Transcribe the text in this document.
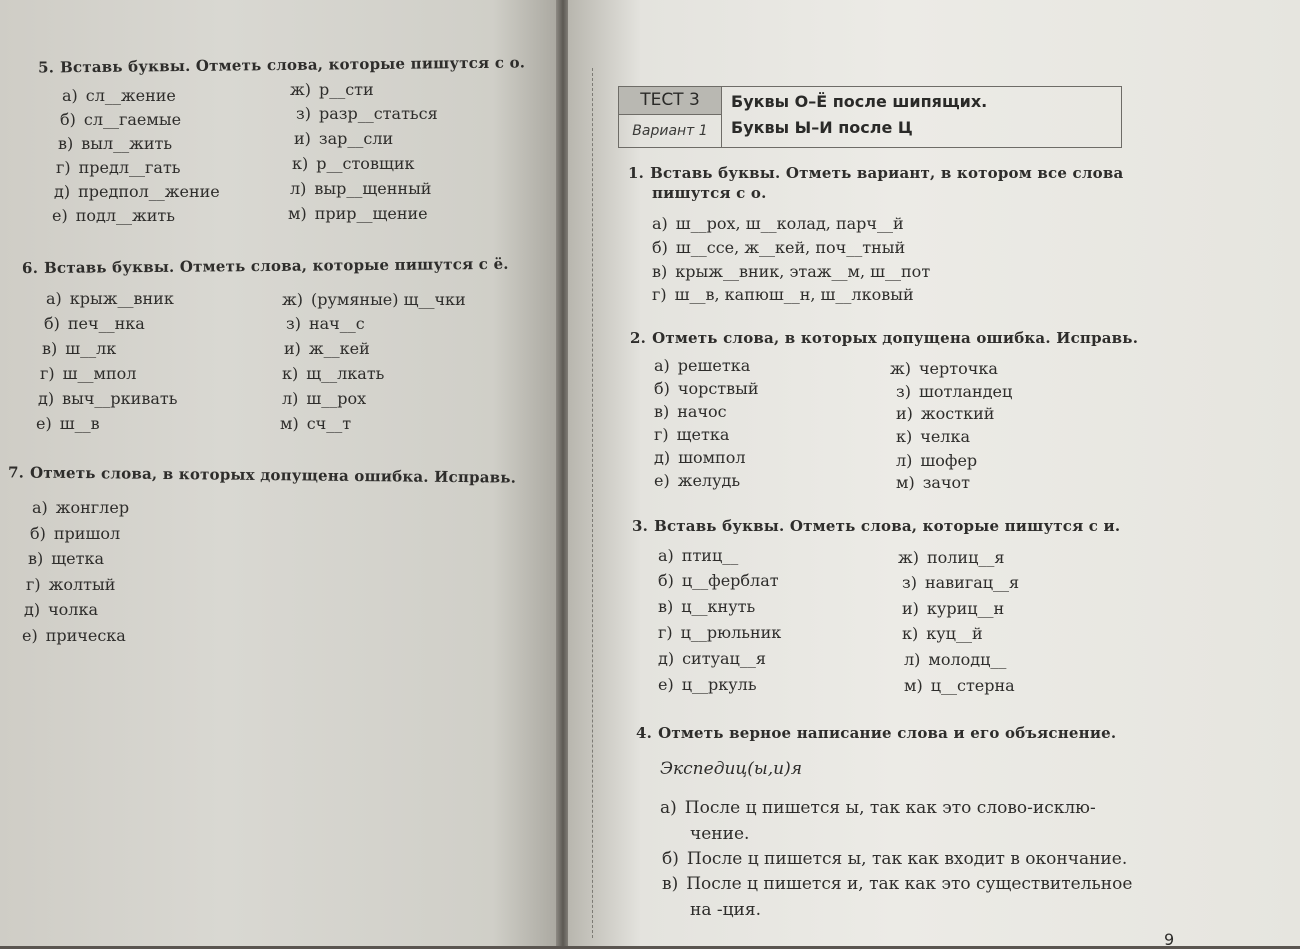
5. Вставь буквы. Отметь слова, которые пишутся с о.
а) сл__жение
б) сл__гаемые
в) выл__жить
г) предл__гать
д) предпол__жение
е) подл__жить
ж) р__сти
з) разр__статься
и) зар__сли
к) р__стовщик
л) выр__щенный
м) прир__щение
6. Вставь буквы. Отметь слова, которые пишутся с ё.
а) крыж__вник
б) печ__нка
в) ш__лк
г) ш__мпол
д) выч__ркивать
е) ш__в
ж) (румяные) щ__чки
з) нач__с
и) ж__кей
к) щ__лкать
л) ш__рох
м) сч__т
7. Отметь слова, в которых допущена ошибка. Исправь.
а) жонглер
б) пришол
в) щетка
г) жолтый
д) чолка
е) прическа
ТЕСТ 3
Вариант 1
Буквы О–Ё после шипящих.
Буквы Ы–И после Ц
1. Вставь буквы. Отметь вариант, в котором все слова
пишутся с о.
а) ш__рох, ш__колад, парч__й
б) ш__ссе, ж__кей, поч__тный
в) крыж__вник, этаж__м, ш__пот
г) ш__в, капюш__н, ш__лковый
2. Отметь слова, в которых допущена ошибка. Исправь.
а) решетка
б) чорствый
в) начос
г) щетка
д) шомпол
е) желудь
ж) черточка
з) шотландец
и) жосткий
к) челка
л) шофер
м) зачот
3. Вставь буквы. Отметь слова, которые пишутся с и.
а) птиц__
б) ц__ферблат
в) ц__кнуть
г) ц__рюльник
д) ситуац__я
е) ц__ркуль
ж) полиц__я
з) навигац__я
и) куриц__н
к) куц__й
л) молодц__
м) ц__стерна
4. Отметь верное написание слова и его объяснение.
Экспедиц(ы,и)я
а) После ц пишется ы, так как это слово-исклю-
чение.
б) После ц пишется ы, так как входит в окончание.
в) После ц пишется и, так как это существительное
на -ция.
9
